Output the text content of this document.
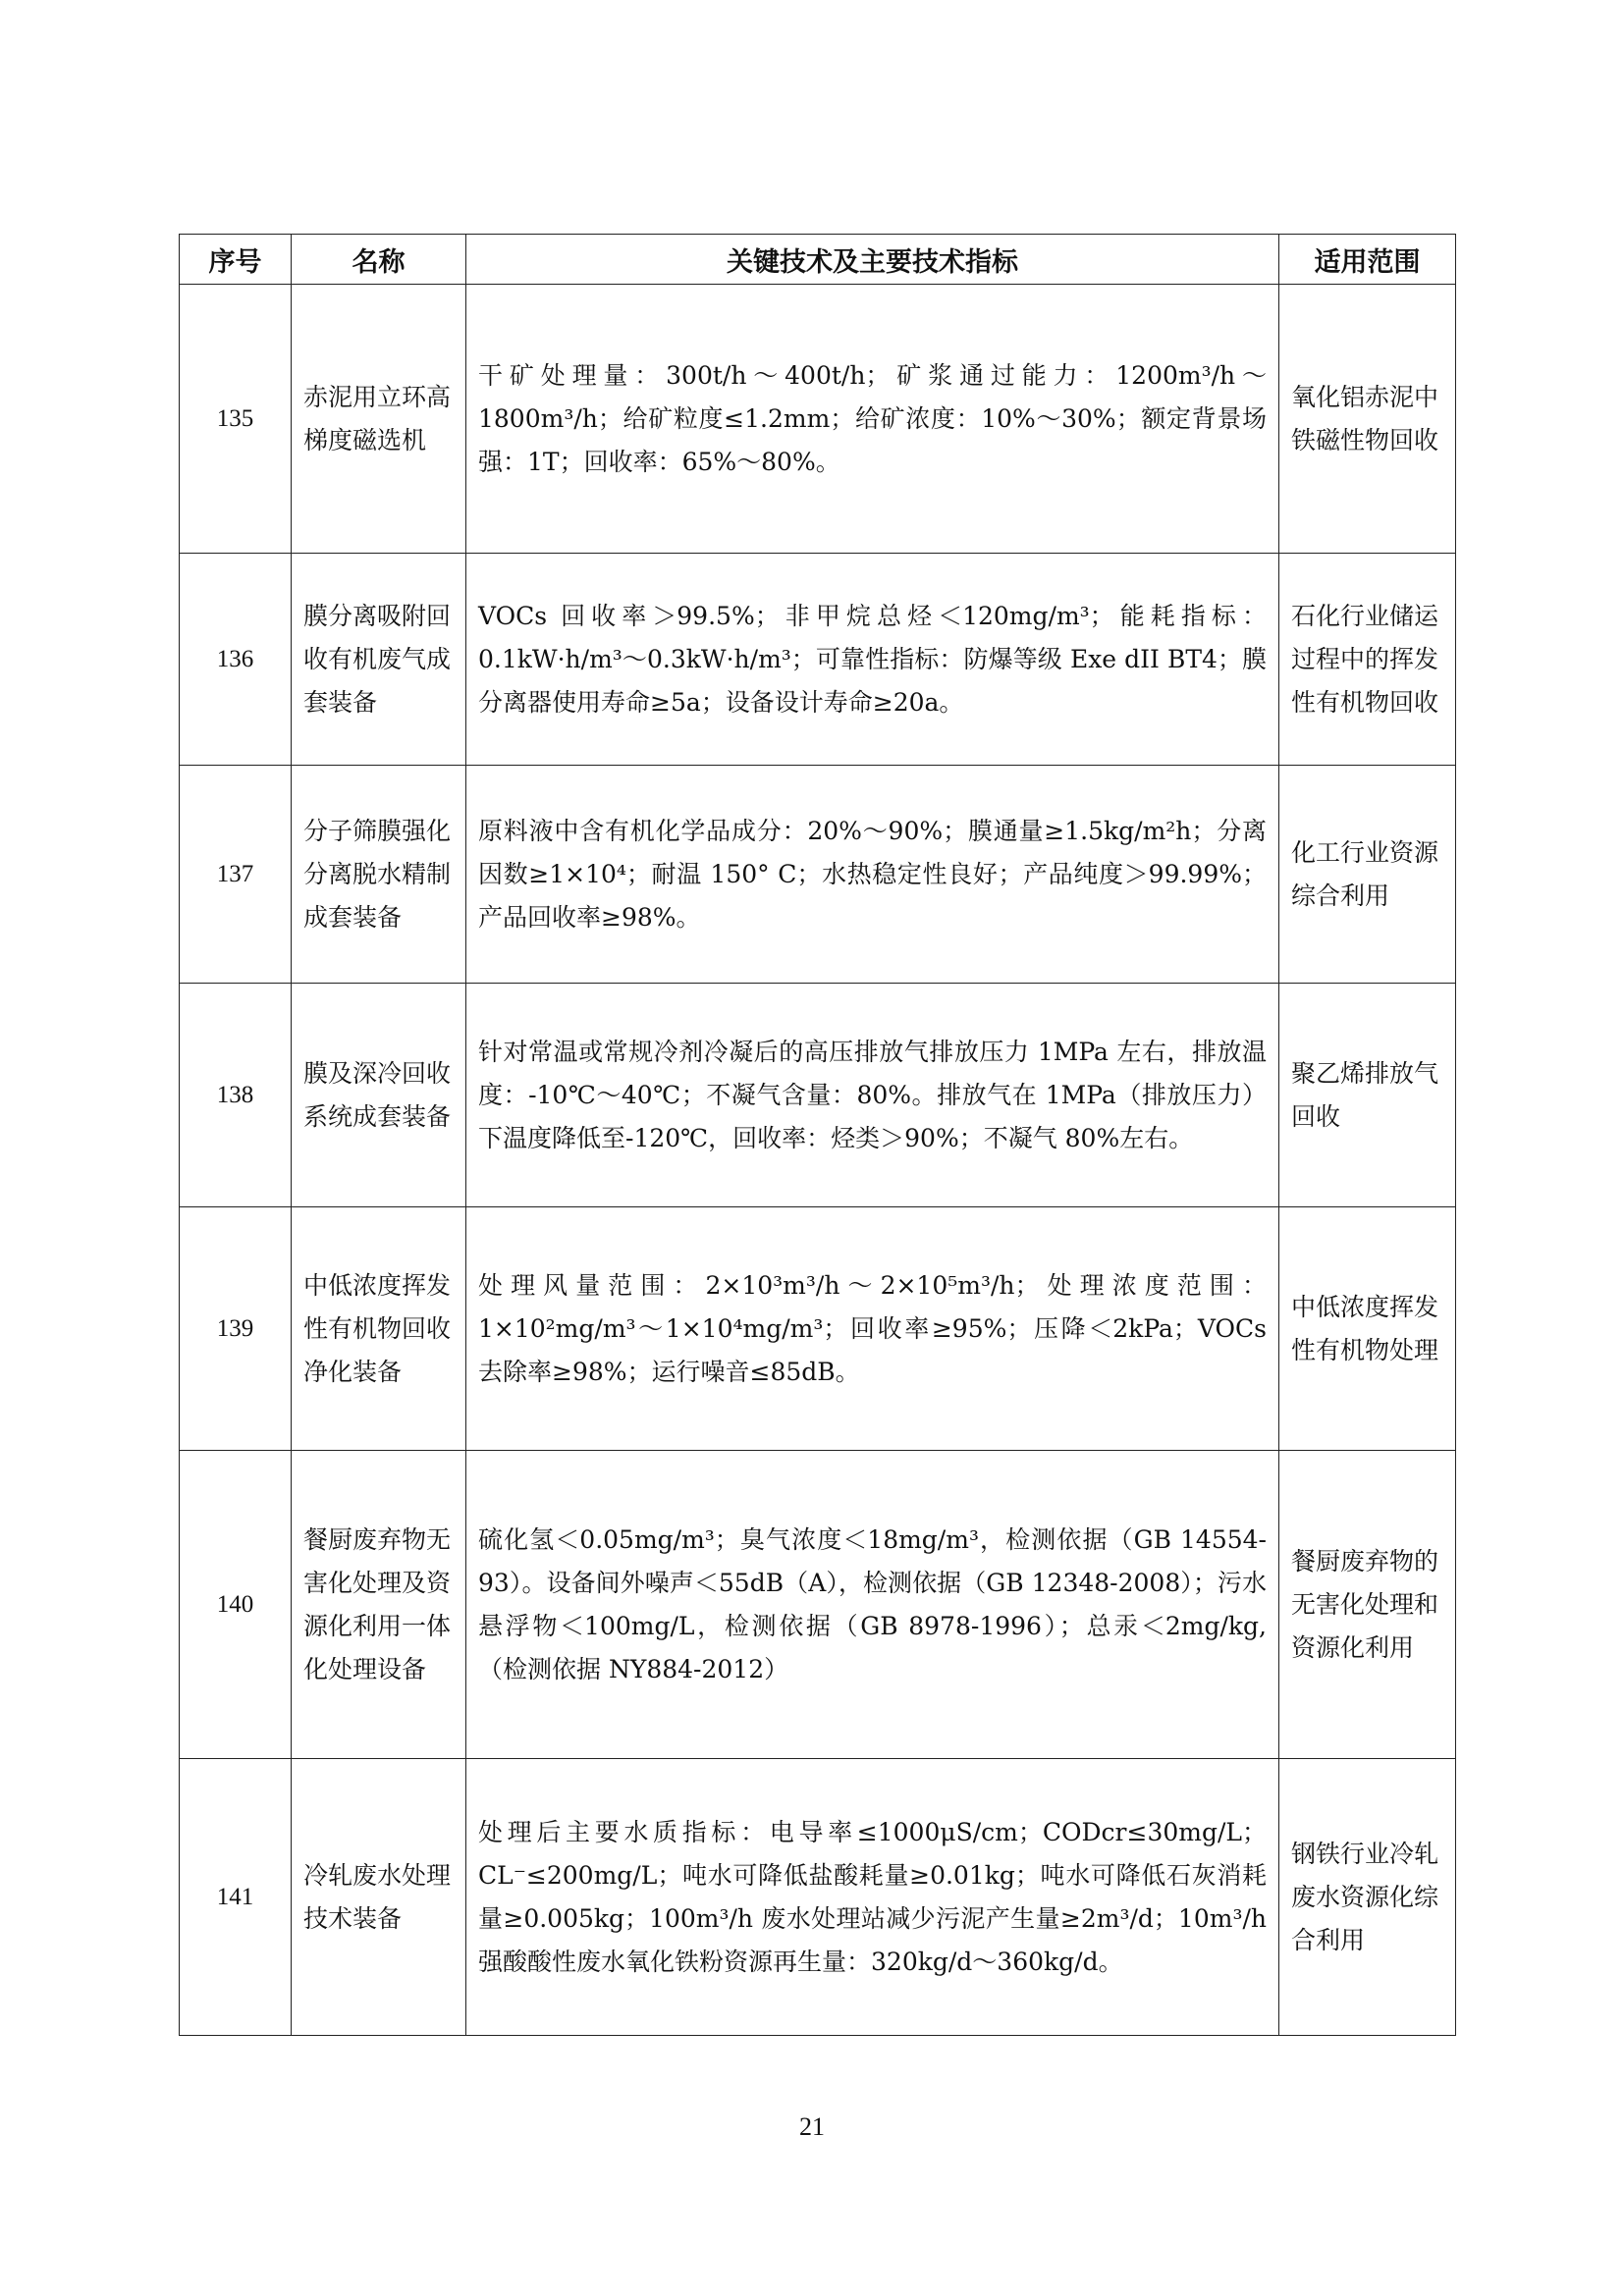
序号	名称	关键技术及主要技术指标	适用范围
135	赤泥用立环高梯度磁选机	干矿处理量：300t/h～400t/h；矿浆通过能力：1200m³/h～1800m³/h；给矿粒度≤1.2mm；给矿浓度：10%～30%；额定背景场强：1T；回收率：65%～80%。	氧化铝赤泥中铁磁性物回收
136	膜分离吸附回收有机废气成套装备	VOCs 回收率＞99.5%；非甲烷总烃＜120mg/m³；能耗指标：0.1kW·h/m³～0.3kW·h/m³；可靠性指标：防爆等级 Exe dII BT4；膜分离器使用寿命≥5a；设备设计寿命≥20a。	石化行业储运过程中的挥发性有机物回收
137	分子筛膜强化分离脱水精制成套装备	原料液中含有机化学品成分：20%～90%；膜通量≥1.5kg/m²h；分离因数≥1×10⁴；耐温 150° C；水热稳定性良好；产品纯度＞99.99%；产品回收率≥98%。	化工行业资源综合利用
138	膜及深冷回收系统成套装备	针对常温或常规冷剂冷凝后的高压排放气排放压力 1MPa 左右，排放温度：-10℃～40℃；不凝气含量：80%。排放气在 1MPa（排放压力）下温度降低至-120℃，回收率：烃类＞90%；不凝气 80%左右。	聚乙烯排放气回收
139	中低浓度挥发性有机物回收净化装备	处理风量范围：2×10³m³/h～2×10⁵m³/h；处理浓度范围：1×10²mg/m³～1×10⁴mg/m³；回收率≥95%；压降＜2kPa；VOCs 去除率≥98%；运行噪音≤85dB。	中低浓度挥发性有机物处理
140	餐厨废弃物无害化处理及资源化利用一体化处理设备	硫化氢＜0.05mg/m³；臭气浓度＜18mg/m³，检测依据（GB 14554-93）。设备间外噪声＜55dB（A），检测依据（GB 12348-2008）；污水悬浮物＜100mg/L，检测依据（GB 8978-1996）；总汞＜2mg/kg,（检测依据 NY884-2012）	餐厨废弃物的无害化处理和资源化利用
141	冷轧废水处理技术装备	处理后主要水质指标：电导率≤1000μS/cm；CODcr≤30mg/L；CL⁻≤200mg/L；吨水可降低盐酸耗量≥0.01kg；吨水可降低石灰消耗量≥0.005kg；100m³/h 废水处理站减少污泥产生量≥2m³/d；10m³/h 强酸酸性废水氧化铁粉资源再生量：320kg/d～360kg/d。	钢铁行业冷轧废水资源化综合利用
21
